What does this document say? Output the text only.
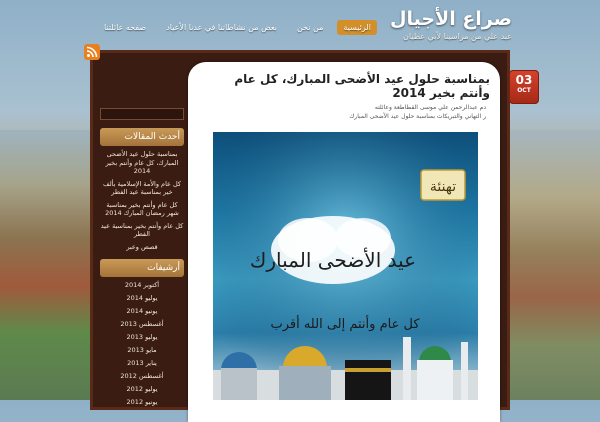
صراع الأجيال
عبد علي من مراسينا لأبي عطيان
صفحه عائلتنا	بعض من نشاطاتنا في عدنا الأعياد	من نحن	الرئيسية
أحدث المقالات
بمناسبة حلول عيد الأضحى المبارك، كل عام وأنتم بخير 2014
كل عام والأمة الإسلامية بألف خير بمناسبة عيد الفطر
كل عام وأنتم بخير بمناسبة شهر رمضان المبارك 2014
كل عام وأنتم بخير بمناسبة عيد الفطر
قصص وعبر
أرشيفات
أكتوبر 2014
يوليو 2014
يونيو 2014
أغسطس 2013
يوليو 2013
مايو 2013
يناير 2013
أغسطس 2012
يوليو 2012
يونيو 2012
03
OCT
بمناسبة حلول عيد الأضحى المبارك، كل عام وأنتم بخير 2014
دم عبدالرحمن علي موسى القطاطعة وعائلته
ر التهاني والتبريكات بمناسبة حلول عيد الأضحى المبارك
تهنئة
عيد الأضحى المبارك
كل عام وأنتم إلى الله أقرب
